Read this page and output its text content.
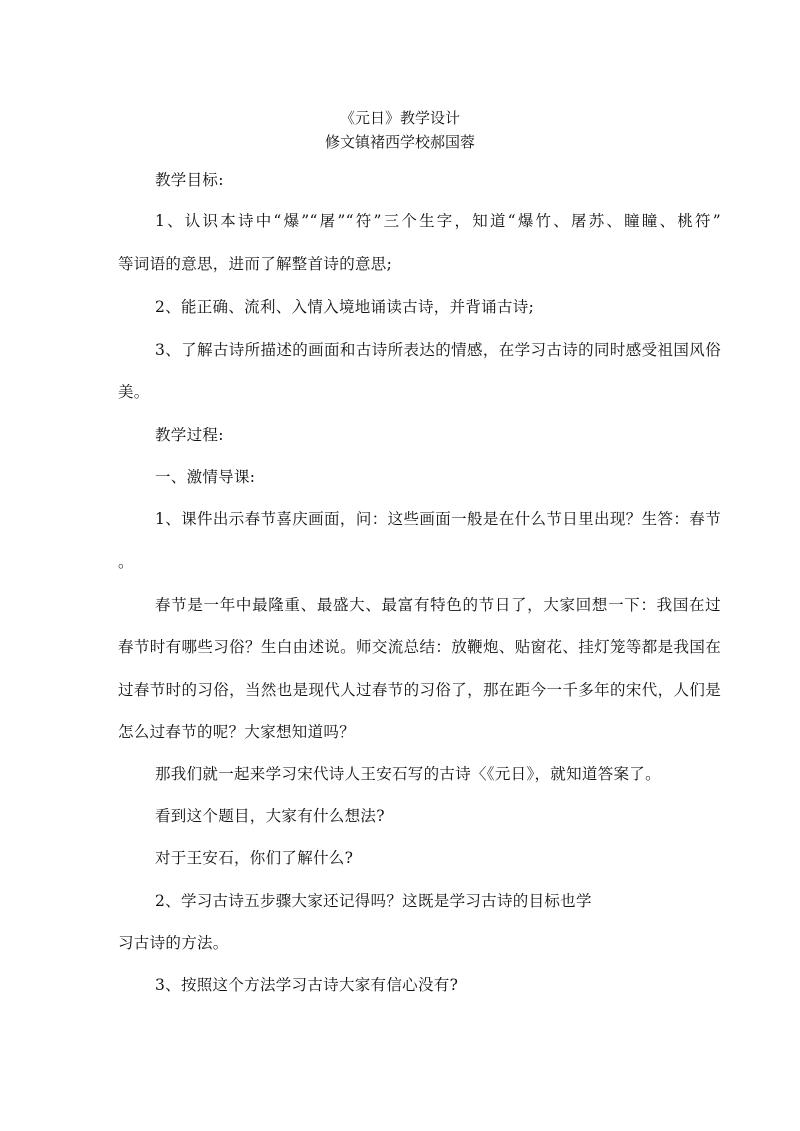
《元日》教学设计
修文镇褚西学校郝国蓉
教学目标:
1、认识本诗中“爆”“屠”“符”三个生字，知道“爆竹、屠苏、瞳瞳、桃符”
等词语的意思，进而了解整首诗的意思;
2、能正确、流利、入情入境地诵读古诗，并背诵古诗;
3、了解古诗所描述的画面和古诗所表达的情感，在学习古诗的同时感受祖国风俗
美。
教学过程:
一、激情导课:
1、课件出示春节喜庆画面，问：这些画面一般是在什么节日里出现？生答：春节
。
春节是一年中最隆重、最盛大、最富有特色的节日了，大家回想一下：我国在过
春节时有哪些习俗？生白由述说。师交流总结：放鞭炮、贴窗花、挂灯笼等都是我国在
过春节时的习俗，当然也是现代人过春节的习俗了，那在距今一千多年的宋代，人们是
怎么过春节的呢？大家想知道吗？
那我们就一起来学习宋代诗人王安石写的古诗〈《元日》，就知道答案了。
看到这个题目，大家有什么想法?
对于王安石，你们了解什么?
2、学习古诗五步骤大家还记得吗？这既是学习古诗的目标也学
习古诗的方法。
3、按照这个方法学习古诗大家有信心没有?
